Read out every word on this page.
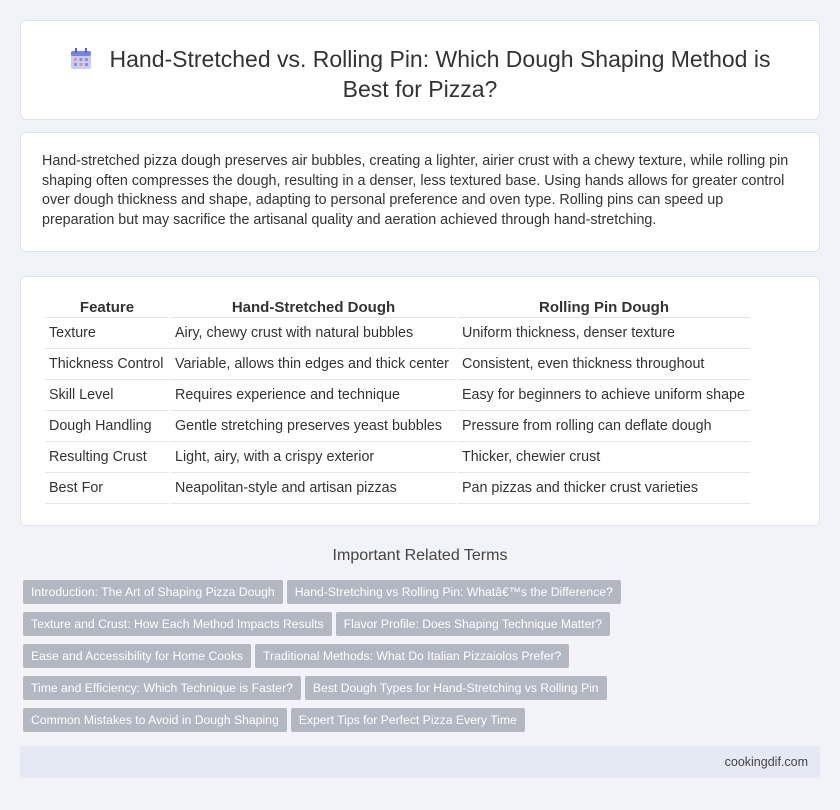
Hand-Stretched vs. Rolling Pin: Which Dough Shaping Method is Best for Pizza?

Hand-stretched pizza dough preserves air bubbles, creating a lighter, airier crust with a chewy texture, while rolling pin shaping often compresses the dough, resulting in a denser, less textured base. Using hands allows for greater control over dough thickness and shape, adapting to personal preference and oven type. Rolling pins can speed up preparation but may sacrifice the artisanal quality and aeration achieved through hand-stretching.

Feature	Hand-Stretched Dough	Rolling Pin Dough
Texture	Airy, chewy crust with natural bubbles	Uniform thickness, denser texture
Thickness Control	Variable, allows thin edges and thick center	Consistent, even thickness throughout
Skill Level	Requires experience and technique	Easy for beginners to achieve uniform shape
Dough Handling	Gentle stretching preserves yeast bubbles	Pressure from rolling can deflate dough
Resulting Crust	Light, airy, with a crispy exterior	Thicker, chewier crust
Best For	Neapolitan-style and artisan pizzas	Pan pizzas and thicker crust varieties
Important Related Terms
Introduction: The Art of Shaping Pizza Dough Hand-Stretching vs Rolling Pin: Whatâ€™s the Difference?
Texture and Crust: How Each Method Impacts Results Flavor Profile: Does Shaping Technique Matter?
Ease and Accessibility for Home Cooks Traditional Methods: What Do Italian Pizzaiolos Prefer?
Time and Efficiency: Which Technique is Faster? Best Dough Types for Hand-Stretching vs Rolling Pin
Common Mistakes to Avoid in Dough Shaping Expert Tips for Perfect Pizza Every Time
cookingdif.com
